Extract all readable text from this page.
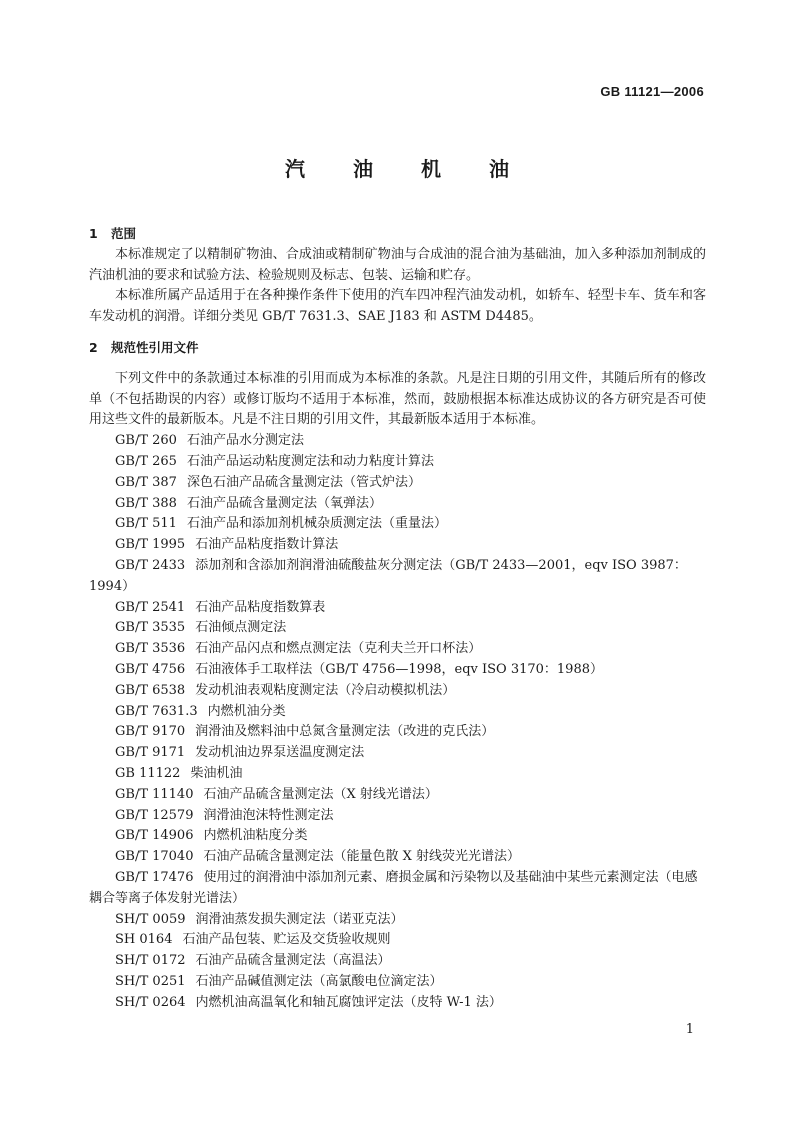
GB 11121—2006
汽油机油
1 范围

本标准规定了以精制矿物油、合成油或精制矿物油与合成油的混合油为基础油，加入多种添加剂制成的汽油机油的要求和试验方法、检验规则及标志、包装、运输和贮存。

本标准所属产品适用于在各种操作条件下使用的汽车四冲程汽油发动机，如轿车、轻型卡车、货车和客车发动机的润滑。详细分类见 GB/T 7631.3、SAE J183 和 ASTM D4485。

2 规范性引用文件

下列文件中的条款通过本标准的引用而成为本标准的条款。凡是注日期的引用文件，其随后所有的修改单（不包括勘误的内容）或修订版均不适用于本标准，然而，鼓励根据本标准达成协议的各方研究是否可使用这些文件的最新版本。凡是不注日期的引用文件，其最新版本适用于本标准。

GB/T 260 石油产品水分测定法

GB/T 265 石油产品运动粘度测定法和动力粘度计算法

GB/T 387 深色石油产品硫含量测定法（管式炉法）

GB/T 388 石油产品硫含量测定法（氧弹法）

GB/T 511 石油产品和添加剂机械杂质测定法（重量法）

GB/T 1995 石油产品粘度指数计算法

GB/T 2433 添加剂和含添加剂润滑油硫酸盐灰分测定法（GB/T 2433—2001，eqv ISO 3987：1994）

GB/T 2541 石油产品粘度指数算表

GB/T 3535 石油倾点测定法

GB/T 3536 石油产品闪点和燃点测定法（克利夫兰开口杯法）

GB/T 4756 石油液体手工取样法（GB/T 4756—1998，eqv ISO 3170：1988）

GB/T 6538 发动机油表观粘度测定法（冷启动模拟机法）

GB/T 7631.3 内燃机油分类

GB/T 9170 润滑油及燃料油中总氮含量测定法（改进的克氏法）

GB/T 9171 发动机油边界泵送温度测定法

GB 11122 柴油机油

GB/T 11140 石油产品硫含量测定法（X 射线光谱法）

GB/T 12579 润滑油泡沫特性测定法

GB/T 14906 内燃机油粘度分类

GB/T 17040 石油产品硫含量测定法（能量色散 X 射线荧光光谱法）

GB/T 17476 使用过的润滑油中添加剂元素、磨损金属和污染物以及基础油中某些元素测定法（电感耦合等离子体发射光谱法）

SH/T 0059 润滑油蒸发损失测定法（诺亚克法）

SH 0164 石油产品包装、贮运及交货验收规则

SH/T 0172 石油产品硫含量测定法（高温法）

SH/T 0251 石油产品碱值测定法（高氯酸电位滴定法）

SH/T 0264 内燃机油高温氧化和轴瓦腐蚀评定法（皮特 W-1 法）

1
